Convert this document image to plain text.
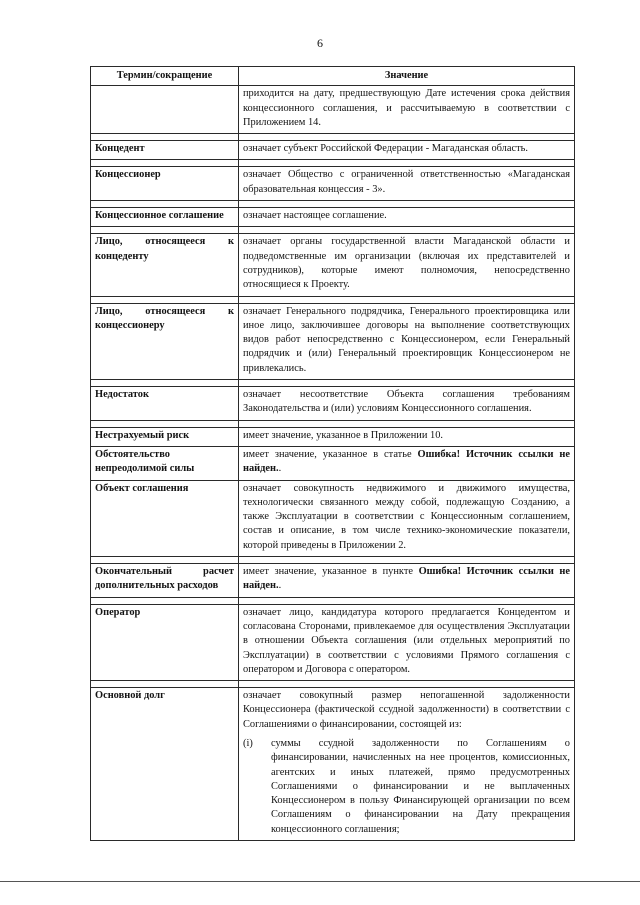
6
Термин/сокращение	Значение
	приходится на дату, предшествующую Дате истечения срока действия концессионного соглашения, и рассчитываемую в соответствии с Приложением 14.

Концедент	означает субъект Российской Федерации - Магаданская область.

Концессионер	означает Общество с ограниченной ответственностью «Магаданская образовательная концессия - 3».

Концессионное соглашение	означает настоящее соглашение.

Лицо, относящееся к концеденту	означает органы государственной власти Магаданской области и подведомственные им организации (включая их представителей и сотрудников), которые имеют полномочия, непосредственно относящиеся к Проекту.

Лицо, относящееся к концессионеру	означает Генерального подрядчика, Генерального проектировщика или иное лицо, заключившее договоры на выполнение соответствующих видов работ непосредственно с Концессионером, если Генеральный подрядчик и (или) Генеральный проектировщик Концессионером не привлекались.

Недостаток	означает несоответствие Объекта соглашения требованиям Законодательства и (или) условиям Концессионного соглашения.

Нестрахуемый риск	имеет значение, указанное в Приложении 10.
Обстоятельство непреодолимой силы	имеет значение, указанное в статье Ошибка! Источник ссылки не найден..
Объект соглашения	означает совокупность недвижимого и движимого имущества, технологически связанного между собой, подлежащую Созданию, а также Эксплуатации в соответствии с Концессионным соглашением, состав и описание, в том числе технико-экономические показатели, которой приведены в Приложении 2.

Окончательный расчет дополнительных расходов	имеет значение, указанное в пункте Ошибка! Источник ссылки не найден..

Оператор	означает лицо, кандидатура которого предлагается Концедентом и согласована Сторонами, привлекаемое для осуществления Эксплуатации в отношении Объекта соглашения (или отдельных мероприятий по Эксплуатации) в соответствии с условиями Прямого соглашения с оператором и Договора с оператором.

Основной долг	означает совокупный размер непогашенной задолженности Концессионера (фактической ссудной задолженности) в соответствии с Соглашениями о финансировании, состоящей из:
(i) суммы ссудной задолженности по Соглашениям о финансировании, начисленных на нее процентов, комиссионных, агентских и иных платежей, прямо предусмотренных Соглашениями о финансировании и не выплаченных Концессионером в пользу Финансирующей организации по всем Соглашениям о финансировании на Дату прекращения концессионного соглашения;
